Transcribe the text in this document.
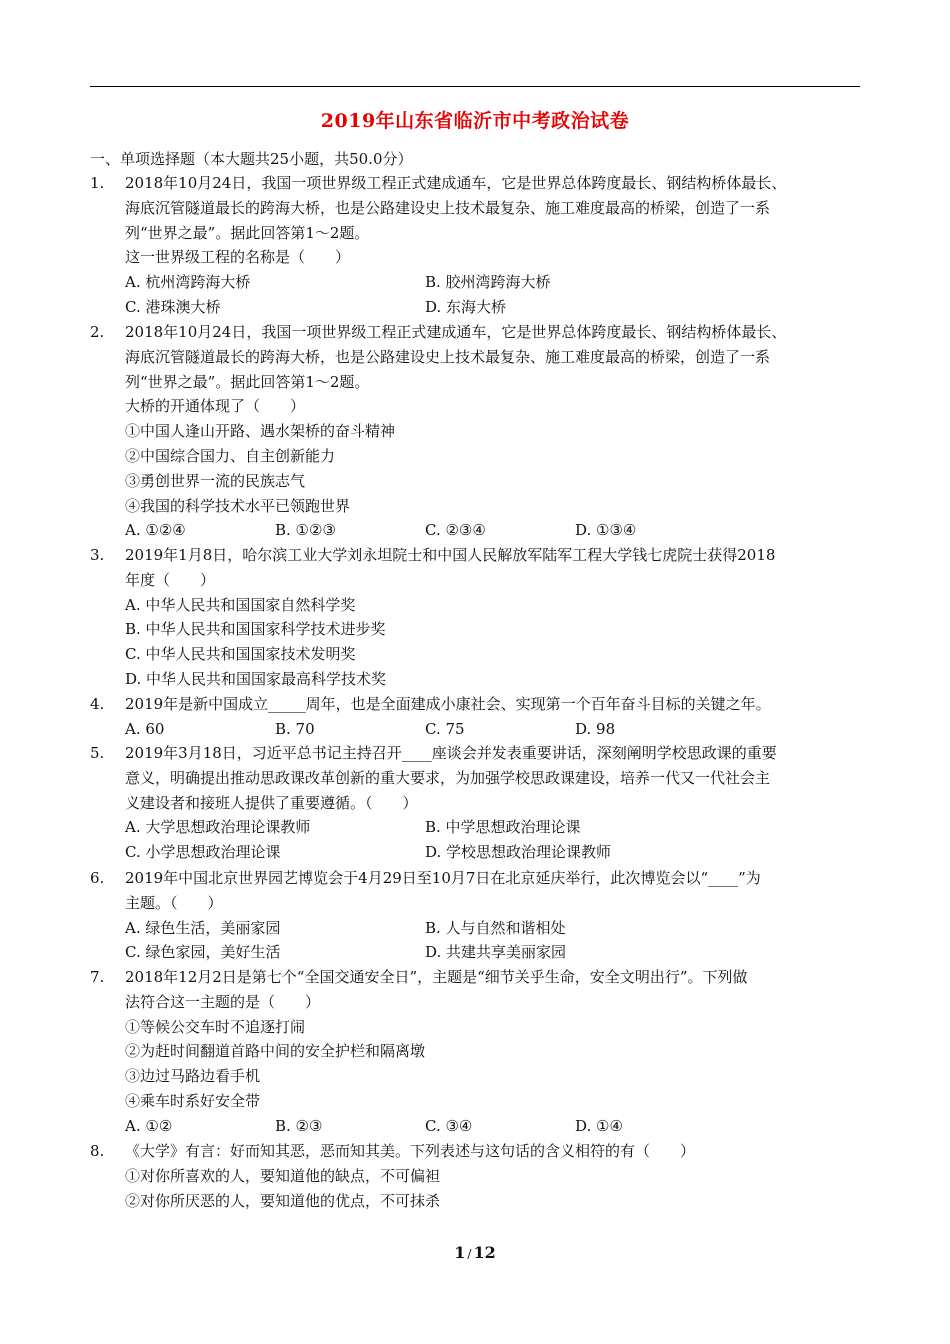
2019年山东省临沂市中考政治试卷
一、单项选择题（本大题共25小题，共50.0分）
1.	2018年10月24日，我国一项世界级工程正式建成通车，它是世界总体跨度最长、钢结构桥体最长、
海底沉管隧道最长的跨海大桥，也是公路建设史上技术最复杂、施工难度最高的桥梁，创造了一系
列“世界之最”。据此回答第1～2题。
这一世界级工程的名称是（　　）
A. 杭州湾跨海大桥	B. 胶州湾跨海大桥
C. 港珠澳大桥	D. 东海大桥
2.	2018年10月24日，我国一项世界级工程正式建成通车，它是世界总体跨度最长、钢结构桥体最长、
海底沉管隧道最长的跨海大桥，也是公路建设史上技术最复杂、施工难度最高的桥梁，创造了一系
列“世界之最”。据此回答第1～2题。
大桥的开通体现了（　　）
①中国人逢山开路、遇水架桥的奋斗精神
②中国综合国力、自主创新能力
③勇创世界一流的民族志气
④我国的科学技术水平已领跑世界
A. ①②④	B. ①②③	C. ②③④	D. ①③④
3.	2019年1月8日，哈尔滨工业大学刘永坦院士和中国人民解放军陆军工程大学钱七虎院士获得2018
年度（　　）
A. 中华人民共和国国家自然科学奖
B. 中华人民共和国国家科学技术进步奖
C. 中华人民共和国国家技术发明奖
D. 中华人民共和国国家最高科学技术奖
4.	2019年是新中国成立_____周年，也是全面建成小康社会、实现第一个百年奋斗目标的关键之年。
A. 60	B. 70	C. 75	D. 98
5.	2019年3月18日，习近平总书记主持召开____座谈会并发表重要讲话，深刻阐明学校思政课的重要
意义，明确提出推动思政课改革创新的重大要求，为加强学校思政课建设，培养一代又一代社会主
义建设者和接班人提供了重要遵循。（　　）
A. 大学思想政治理论课教师	B. 中学思想政治理论课
C. 小学思想政治理论课	D. 学校思想政治理论课教师
6.	2019年中国北京世界园艺博览会于4月29日至10月7日在北京延庆举行，此次博览会以“____”为
主题。（　　）
A. 绿色生活，美丽家园	B. 人与自然和谐相处
C. 绿色家园，美好生活	D. 共建共享美丽家园
7.	2018年12月2日是第七个“全国交通安全日”，主题是“细节关乎生命，安全文明出行”。下列做
法符合这一主题的是（　　）
①等候公交车时不追逐打闹
②为赶时间翻道首路中间的安全护栏和隔离墩
③边过马路边看手机
④乘车时系好安全带
A. ①②	B. ②③	C. ③④	D. ①④
8.	《大学》有言：好而知其恶，恶而知其美。下列表述与这句话的含义相符的有（　　）
①对你所喜欢的人，要知道他的缺点，不可偏袒
②对你所厌恶的人，要知道他的优点，不可抹杀
1 / 12
